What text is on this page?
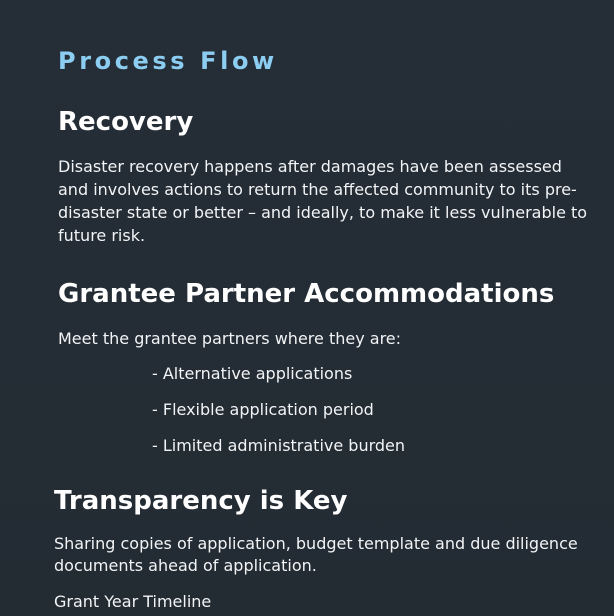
Process Flow
Recovery

Disaster recovery happens after damages have been assessed and involves actions to return the affected community to its pre-disaster state or better – and ideally, to make it less vulnerable to future risk.

Grantee Partner Accommodations

Meet the grantee partners where they are:

- Alternative applications
- Flexible application period
- Limited administrative burden
Transparency is Key

Sharing copies of application, budget template and due diligence documents ahead of application.

Grant Year Timeline
